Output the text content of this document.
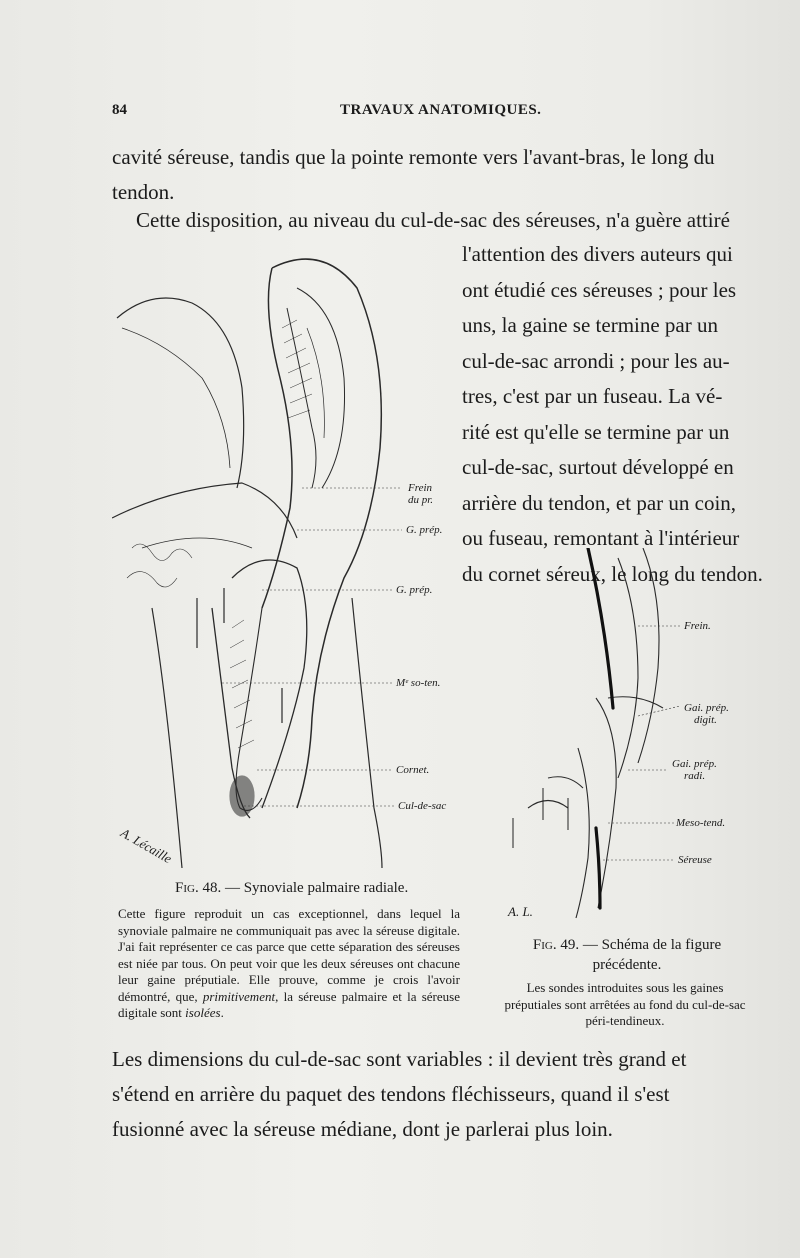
84	TRAVAUX ANATOMIQUES.
cavité séreuse, tandis que la pointe remonte vers l'avant-bras, le long du tendon.
Cette disposition, au niveau du cul-de-sac des séreuses, n'a guère attiré
l'attention des divers auteurs qui
ont étudié ces séreuses ; pour les
uns, la gaine se termine par un
cul-de-sac arrondi ; pour les au-
tres, c'est par un fuseau. La vé-
rité est qu'elle se termine par un
cul-de-sac, surtout développé en
arrière du tendon, et par un coin,
ou fuseau, remontant à l'intérieur
du cornet séreux, le long du tendon.
Frein
du pr.
G. prép.
G. prép.
Mᵉ so-ten.
Cornet.
Cul-de-sac
A. Lécaille
Frein.
Gai. prép.
digit.
Gai. prép.
radi.
Meso-tend.
Séreuse
A. L.
Fig. 48. — Synoviale palmaire radiale.
Cette figure reproduit un cas exceptionnel, dans lequel la synoviale palmaire ne communiquait pas avec la séreuse digitale. J'ai fait représenter ce cas parce que cette séparation des séreuses est niée par tous. On peut voir que les deux séreuses ont chacune leur gaine préputiale. Elle prouve, comme je crois l'avoir démontré, que, primitivement, la séreuse palmaire et la séreuse digitale sont isolées.
Fig. 49. — Schéma de la figure précédente.
Les sondes introduites sous les gaines préputiales sont arrêtées au fond du cul-de-sac péri-tendineux.
Les dimensions du cul-de-sac sont variables : il devient très grand et s'étend en arrière du paquet des tendons fléchisseurs, quand il s'est fusionné avec la séreuse médiane, dont je parlerai plus loin.
